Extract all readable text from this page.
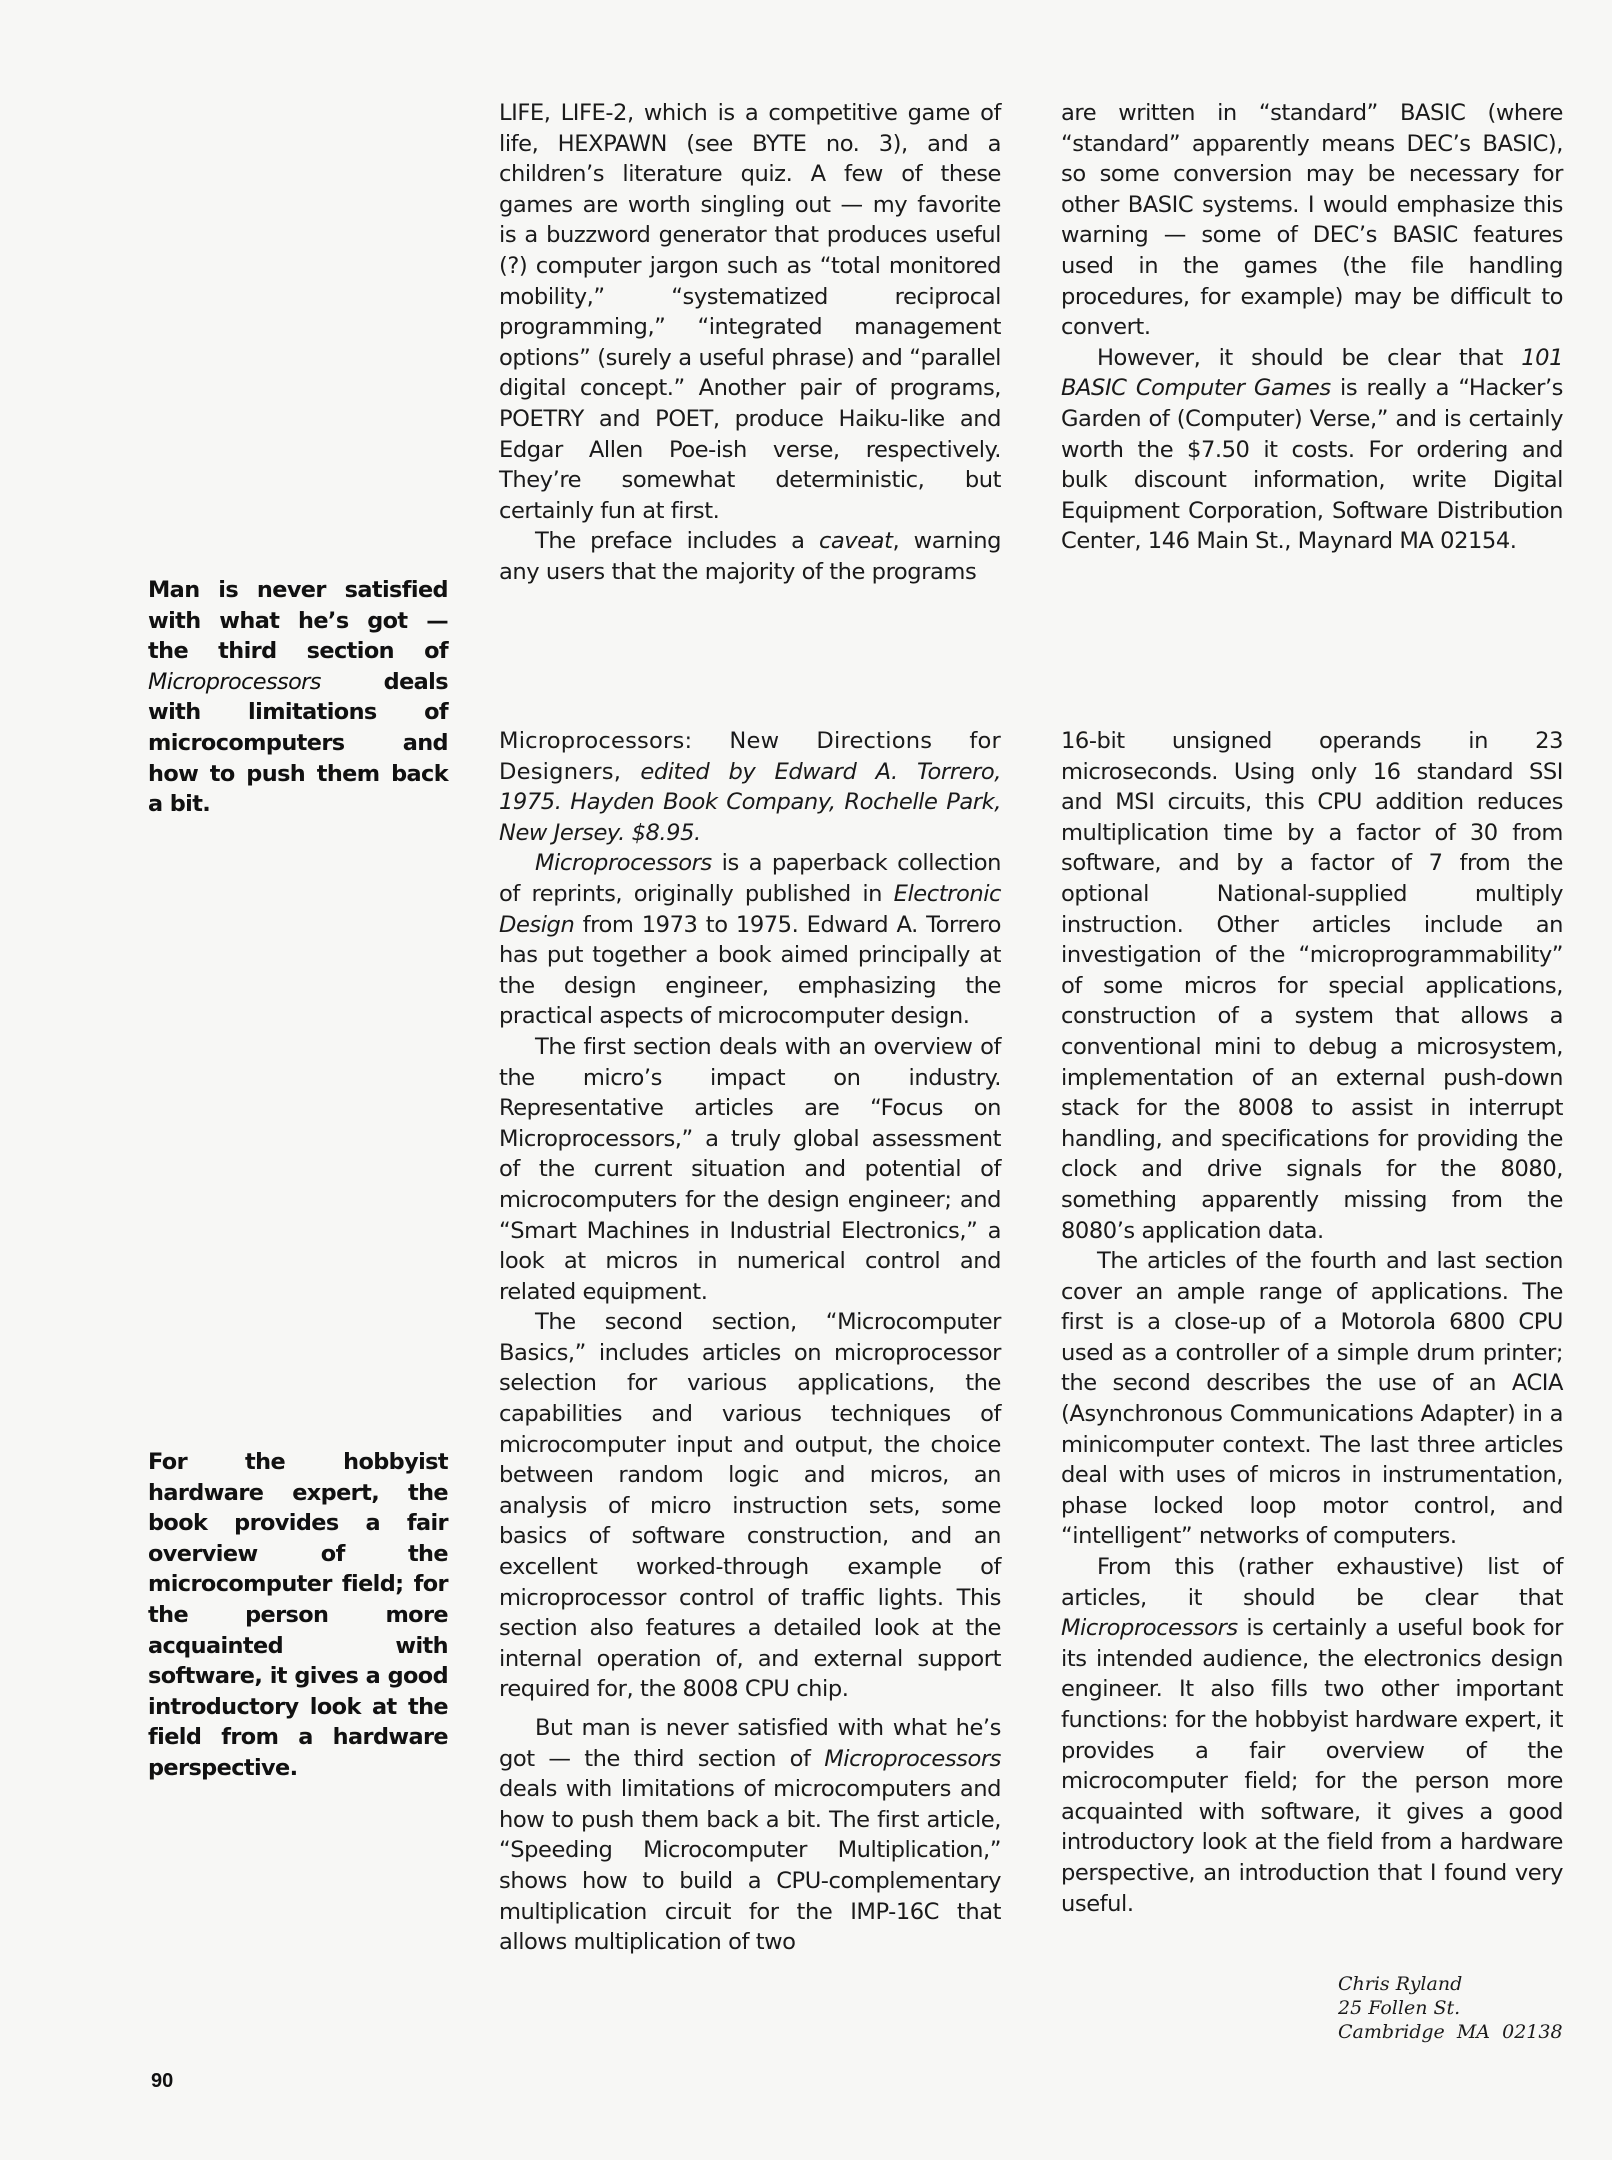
Man is never satisfied with what he’s got — the third section of Microprocessors deals with limitations of microcomputers and how to push them back a bit.
For the hobbyist hardware expert, the book provides a fair overview of the microcomputer field; for the person more acquainted with software, it gives a good introductory look at the field from a hardware perspective.

LIFE, LIFE-2, which is a competitive game of life, HEXPAWN (see BYTE no. 3), and a children’s literature quiz. A few of these games are worth singling out — my favorite is a buzzword generator that produces useful (?) computer jargon such as “total monitored mobility,” “systematized reciprocal programming,” “integrated management options” (surely a useful phrase) and “parallel digital concept.” Another pair of programs, POETRY and POET, produce Haiku-like and Edgar Allen Poe-ish verse, respectively. They’re somewhat deterministic, but certainly fun at first.

The preface includes a caveat, warning any users that the majority of the programs

are written in “standard” BASIC (where “standard” apparently means DEC’s BASIC), so some conversion may be necessary for other BASIC systems. I would emphasize this warning — some of DEC’s BASIC features used in the games (the file handling procedures, for example) may be difficult to convert.

However, it should be clear that 101 BASIC Computer Games is really a “Hacker’s Garden of (Computer) Verse,” and is certainly worth the $7.50 it costs. For ordering and bulk discount information, write Digital Equipment Corporation, Software Distribution Center, 146 Main St., Maynard MA 02154.

Microprocessors: New Directions for Designers, edited by Edward A. Torrero, 1975. Hayden Book Company, Rochelle Park, New Jersey. $8.95.

Microprocessors is a paperback collection of reprints, originally published in Electronic Design from 1973 to 1975. Edward A. Torrero has put together a book aimed principally at the design engineer, emphasizing the practical aspects of microcomputer design.

The first section deals with an overview of the micro’s impact on industry. Representative articles are “Focus on Microprocessors,” a truly global assessment of the current situation and potential of microcomputers for the design engineer; and “Smart Machines in Industrial Electronics,” a look at micros in numerical control and related equipment.

The second section, “Microcomputer Basics,” includes articles on microprocessor selection for various applications, the capabilities and various techniques of microcomputer input and output, the choice between random logic and micros, an analysis of micro instruction sets, some basics of software construction, and an excellent worked-through example of microprocessor control of traffic lights. This section also features a detailed look at the internal operation of, and external support required for, the 8008 CPU chip.

But man is never satisfied with what he’s got — the third section of Microprocessors deals with limitations of microcomputers and how to push them back a bit. The first article, “Speeding Microcomputer Multiplication,” shows how to build a CPU-complementary multiplication circuit for the IMP-16C that allows multiplication of two

16-bit unsigned operands in 23 microseconds. Using only 16 standard SSI and MSI circuits, this CPU addition reduces multiplication time by a factor of 30 from software, and by a factor of 7 from the optional National-supplied multiply instruction. Other articles include an investigation of the “microprogrammability” of some micros for special applications, construction of a system that allows a conventional mini to debug a microsystem, implementation of an external push-down stack for the 8008 to assist in interrupt handling, and specifications for providing the clock and drive signals for the 8080, something apparently missing from the 8080’s application data.

The articles of the fourth and last section cover an ample range of applications. The first is a close-up of a Motorola 6800 CPU used as a controller of a simple drum printer; the second describes the use of an ACIA (Asynchronous Communications Adapter) in a minicomputer context. The last three articles deal with uses of micros in instrumentation, phase locked loop motor control, and “intelligent” networks of computers.

From this (rather exhaustive) list of articles, it should be clear that Microprocessors is certainly a useful book for its intended audience, the electronics design engineer. It also fills two other important functions: for the hobbyist hardware expert, it provides a fair overview of the microcomputer field; for the person more acquainted with software, it gives a good introductory look at the field from a hardware perspective, an introduction that I found very useful.

Chris Ryland
25 Follen St.
Cambridge  MA  02138
90
